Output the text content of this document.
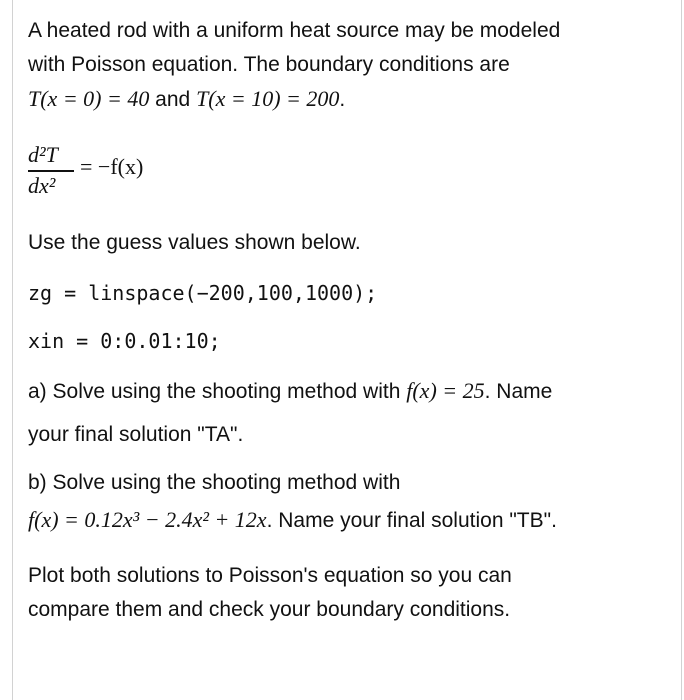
A heated rod with a uniform heat source may be modeled

with Poisson equation. The boundary conditions are

T(x = 0) = 40 and T(x = 10) = 200.

d²T
dx²
= −f(x)

Use the guess values shown below.

zg = linspace(−200,100,1000);

xin = 0:0.01:10;

a) Solve using the shooting method with f(x) = 25. Name

your final solution "TA".

b) Solve using the shooting method with

f(x) = 0.12x³ − 2.4x² + 12x. Name your final solution "TB".

Plot both solutions to Poisson's equation so you can

compare them and check your boundary conditions.
